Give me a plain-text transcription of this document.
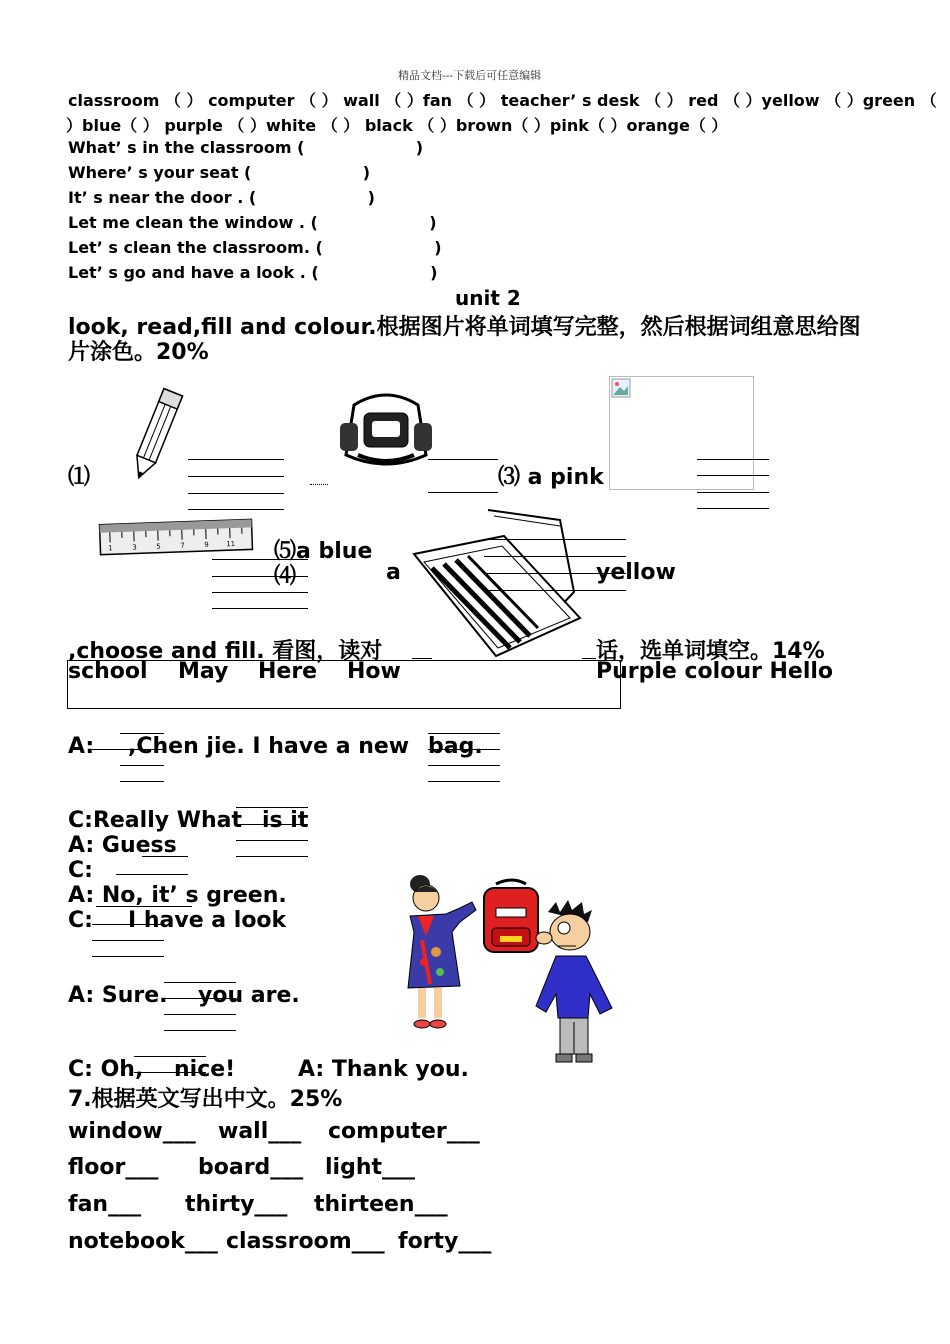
精品文档---下载后可任意编辑
classroom （ ） computer （ ） wall （ ）fan （ ） teacher’ s desk （ ） red （ ）yellow （ ）green （
）blue（ ） purple （ ）white （ ） black （ ）brown（ ）pink（ ）orange（ ）
What’ s in the classroom (                    )
Where’ s your seat (                    )
It’ s near the door . (                    )
Let me clean the window . (                    )
Let’ s clean the classroom. (                    )
Let’ s go and have a look . (                    )
unit 2
look, read,fill and colour.根据图片将单词填写完整，然后根据词组意思给图
片涂色。20%
⑴	⑶ a pink
1	3	5	7	9 11 ⑸a blue
⑷	a	yellow
,choose and fill. 看图，读对	话，选单词填空。14%
school May Here How	Purple colour Hello
A: ,Chen jie. I have a new bag.
C:Really What is it
A: Guess
C:
A: No, it’ s green.
C: I have a look
A: Sure. you are.
C: Oh, nice!	A: Thank you.
7.根据英文写出中文。25%
window___ wall___ computer___
floor___ board___ light___
fan___ thirty___ thirteen___
notebook___ classroom___ forty___
